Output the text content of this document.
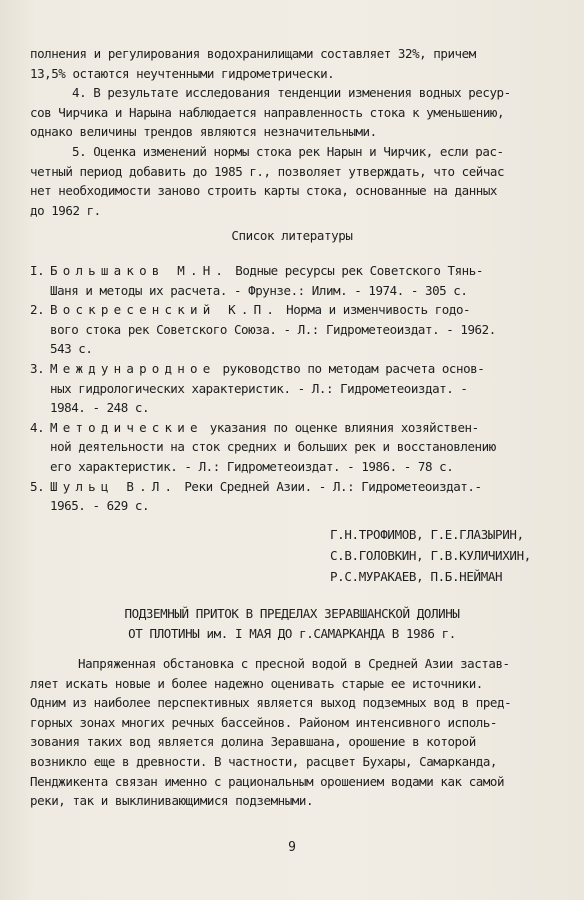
полнения и регулирования водохранилищами составляет 32%, причем

13,5% остаются неучтенными гидрометрически.

4. В результате исследования тенденции изменения водных ресур-

сов Чирчика и Нарына наблюдается направленность стока к уменьшению,

однако величины трендов являются незначительными.

5. Оценка изменений нормы стока рек Нарын и Чирчик, если рас-

четный период добавить до 1985 г., позволяет утверждать, что сейчас

нет необходимости заново строить карты стока, основанные на данных

до 1962 г.

Список литературы
I. Большаков М.Н. Водные ресурсы рек Советского Тянь-
Шаня и методы их расчета. - Фрунзе.: Илим. - 1974. - 305 с.
2. Воскресенский К.П. Норма и изменчивость годо-
вого стока рек Советского Союза. - Л.: Гидрометеоиздат. - 1962.
543 с.
3. Международное руководство по методам расчета основ-
ных гидрологических характеристик. - Л.: Гидрометеоиздат. -
1984. - 248 с.
4. Методические указания по оценке влияния хозяйствен-
ной деятельности на сток средних и больших рек и восстановлению
его характеристик. - Л.: Гидрометеоиздат. - 1986. - 78 с.
5. Шульц В.Л. Реки Средней Азии. - Л.: Гидрометеоиздат.-
1965. - 629 с.
Г.Н.ТРОФИМОВ, Г.Е.ГЛАЗЫРИН,
С.В.ГОЛОВКИН, Г.В.КУЛИЧИХИН,
Р.С.МУРАКАЕВ, П.Б.НЕЙМАН
ПОДЗЕМНЫЙ ПРИТОК В ПРЕДЕЛАХ ЗЕРАВШАНСКОЙ ДОЛИНЫ
ОТ ПЛОТИНЫ им. I МАЯ ДО г.САМАРКАНДА В 1986 г.

Напряженная обстановка с пресной водой в Средней Азии застав-

ляет искать новые и более надежно оценивать старые ее источники.

Одним из наиболее перспективных является выход подземных вод в пред-

горных зонах многих речных бассейнов. Районом интенсивного исполь-

зования таких вод является долина Зеравшана, орошение в которой

возникло еще в древности. В частности, расцвет Бухары, Самарканда,

Пенджикента связан именно с рациональным орошением водами как самой

реки, так и выклинивающимися подземными.

9
